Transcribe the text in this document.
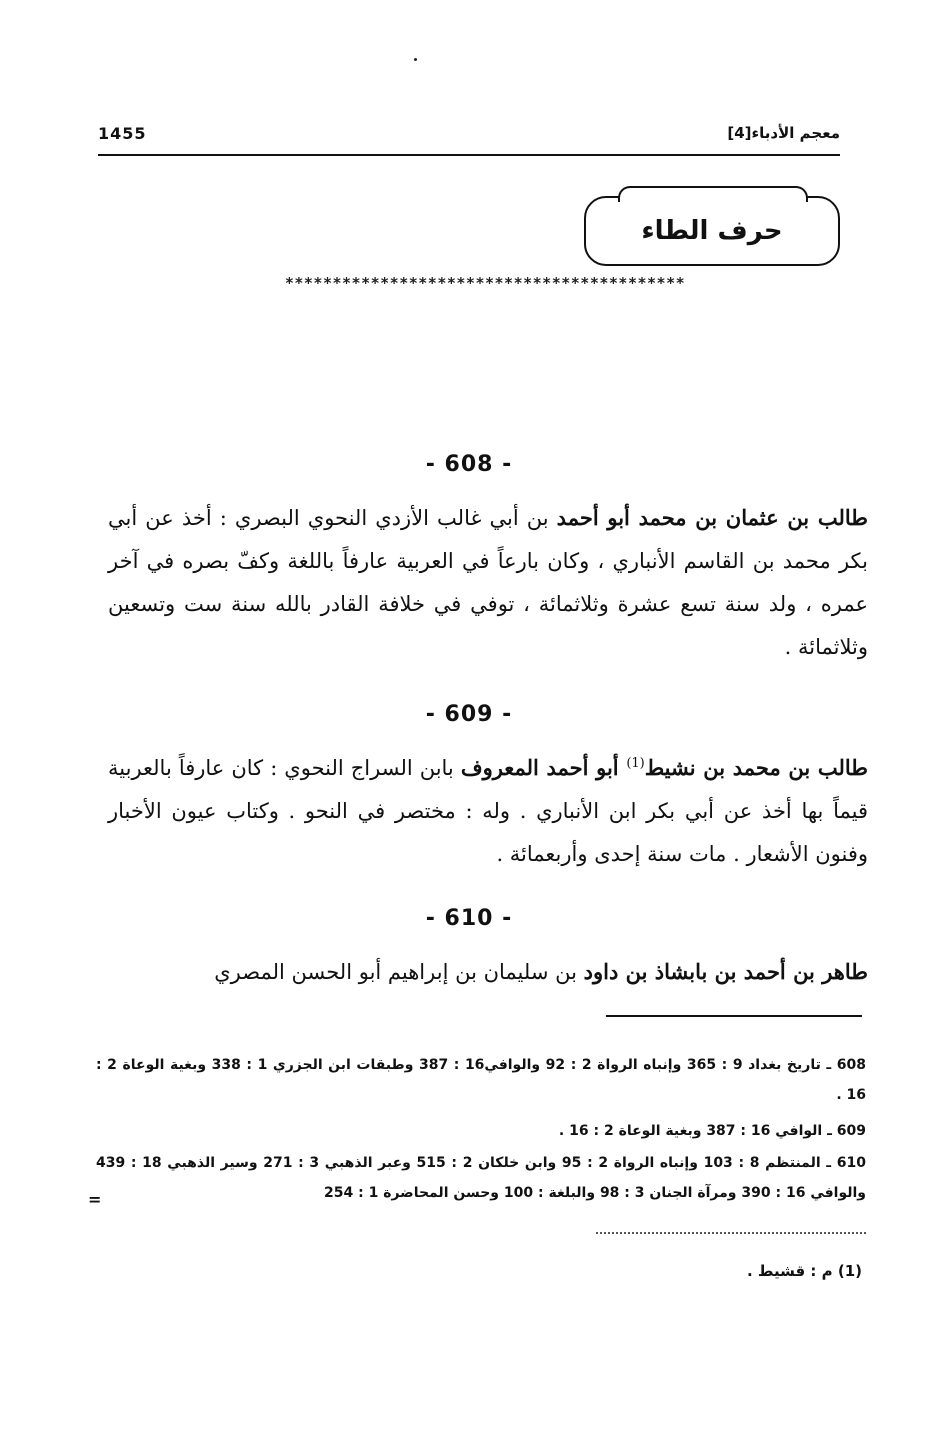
معجم الأدباء[4]
1455
حرف الطاء
******************************************
- 608 -
طالب بن عثمان بن محمد أبو أحمد بن أبي غالب الأزدي النحوي البصري : أخذ عن أبي بكر محمد بن القاسم الأنباري ، وكان بارعاً في العربية عارفاً باللغة وكفّ بصره في آخر عمره ، ولد سنة تسع عشرة وثلاثمائة ، توفي في خلافة القادر بالله سنة ست وتسعين وثلاثمائة .
- 609 -
طالب بن محمد بن نشيط$^{(1)}$ أبو أحمد المعروف بابن السراج النحوي : كان عارفاً بالعربية قيماً بها أخذ عن أبي بكر ابن الأنباري . وله : مختصر في النحو . وكتاب عيون الأخبار وفنون الأشعار . مات سنة إحدى وأربعمائة .
- 610 -
طاهر بن أحمد بن بابشاذ بن داود بن سليمان بن إبراهيم أبو الحسن المصري
608 ـ تاريخ بغداد 9 : 365 وإنباه الرواة 2 : 92 والوافي16 : 387 وطبقات ابن الجزري 1 : 338 وبغية الوعاة 2 : 16 .
609 ـ الوافي 16 : 387 وبغية الوعاة 2 : 16 .
610 ـ المنتظم 8 : 103 وإنباه الرواة 2 : 95 وابن خلكان 2 : 515 وعبر الذهبي 3 : 271 وسير الذهبي 18 : 439 والوافي 16 : 390 ومرآة الجنان 3 : 98 والبلغة : 100 وحسن المحاضرة 1 : 254
=
(1) م : قشيط .
